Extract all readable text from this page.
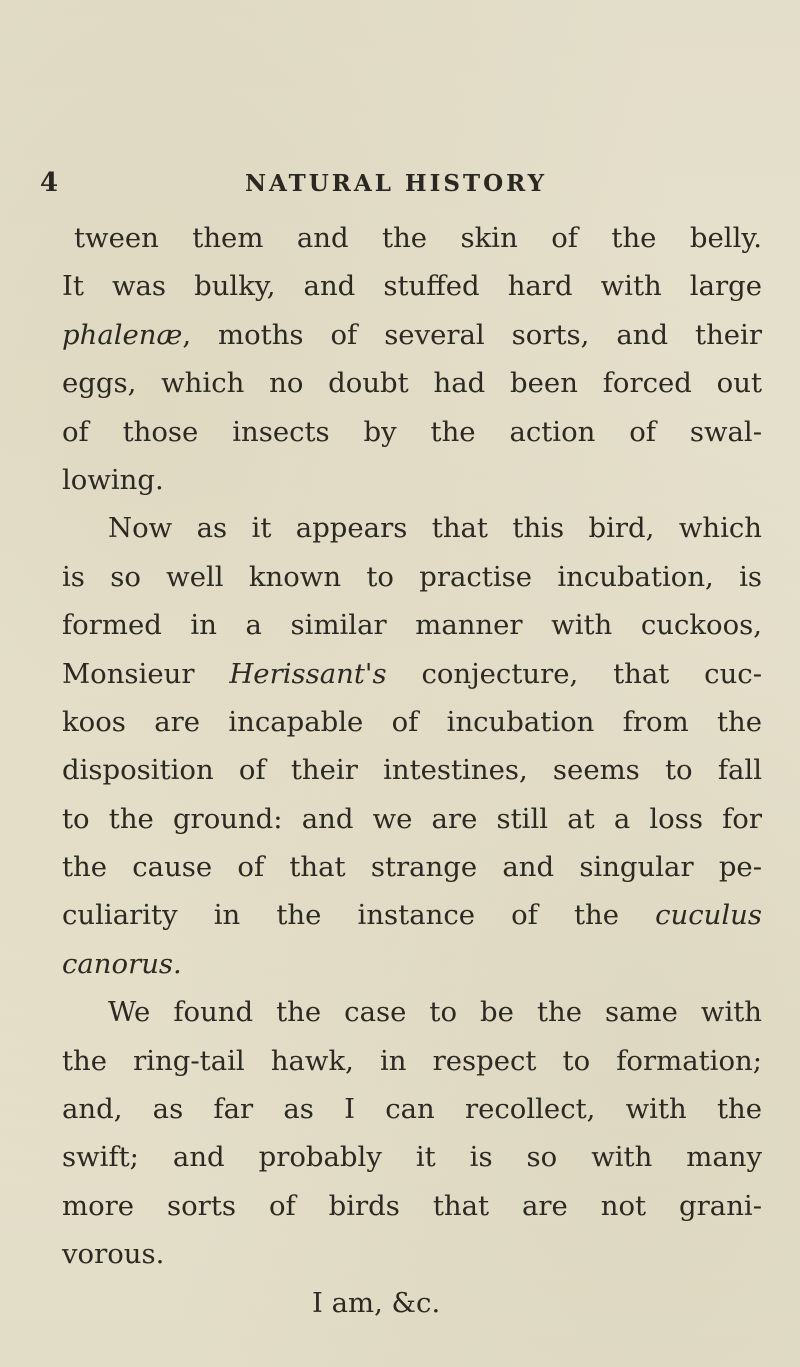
4	NATURAL HISTORY
tween them and the skin of the belly.
It was bulky, and stuffed hard with large
phalenæ, moths of several sorts, and their
eggs, which no doubt had been forced out
of those insects by the action of swal-
lowing.
Now as it appears that this bird, which
is so well known to practise incubation, is
formed in a similar manner with cuckoos,
Monsieur Herissant's conjecture, that cuc-
koos are incapable of incubation from the
disposition of their intestines, seems to fall
to the ground: and we are still at a loss for
the cause of that strange and singular pe-
culiarity in the instance of the cuculus
canorus.
We found the case to be the same with
the ring-tail hawk, in respect to formation;
and, as far as I can recollect, with the
swift; and probably it is so with many
more sorts of birds that are not grani-
vorous.
I am, &c.
